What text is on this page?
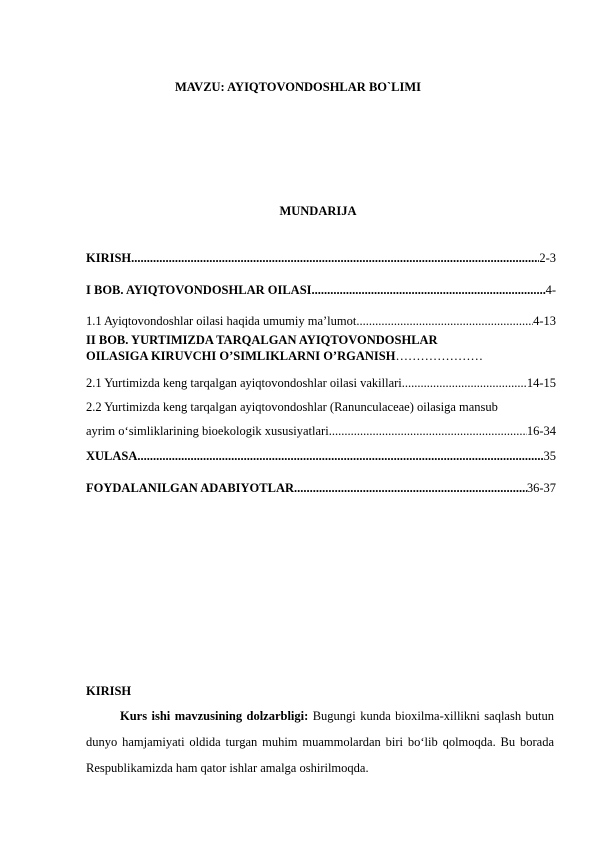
MAVZU: AYIQTOVONDOSHLAR BO`LIMI
MUNDARIJA
KIRISH .....	2-3
I BOB. AYIQTOVONDOSHLAR OILASI .....	4-
1.1 Ayiqtovondoshlar oilasi haqida umumiy ma’lumot .....	4-13
II BOB. YURTIMIZDA TARQALGAN AYIQTOVONDOSHLAR
OILASIGA KIRUVCHI O’SIMLIKLARNI O’RGANISH…………………
2.1 Yurtimizda keng tarqalgan ayiqtovondoshlar oilasi vakillari .....	14-15
2.2 Yurtimizda keng tarqalgan ayiqtovondoshlar (Ranunculaceae) oilasiga mansub
ayrim o‘simliklarining bioekologik xususiyatlari .....	16-34
XULASA .....	35
FOYDALANILGAN ADABIYOTLAR .....	36-37
KIRISH
Kurs ishi mavzusining dolzarbligi: Bugungi kunda bioxilma-xillikni saqlash butun dunyo hamjamiyati oldida turgan muhim muammolardan biri bo‘lib qolmoqda. Bu borada Respublikamizda ham qator ishlar amalga oshirilmoqda.
